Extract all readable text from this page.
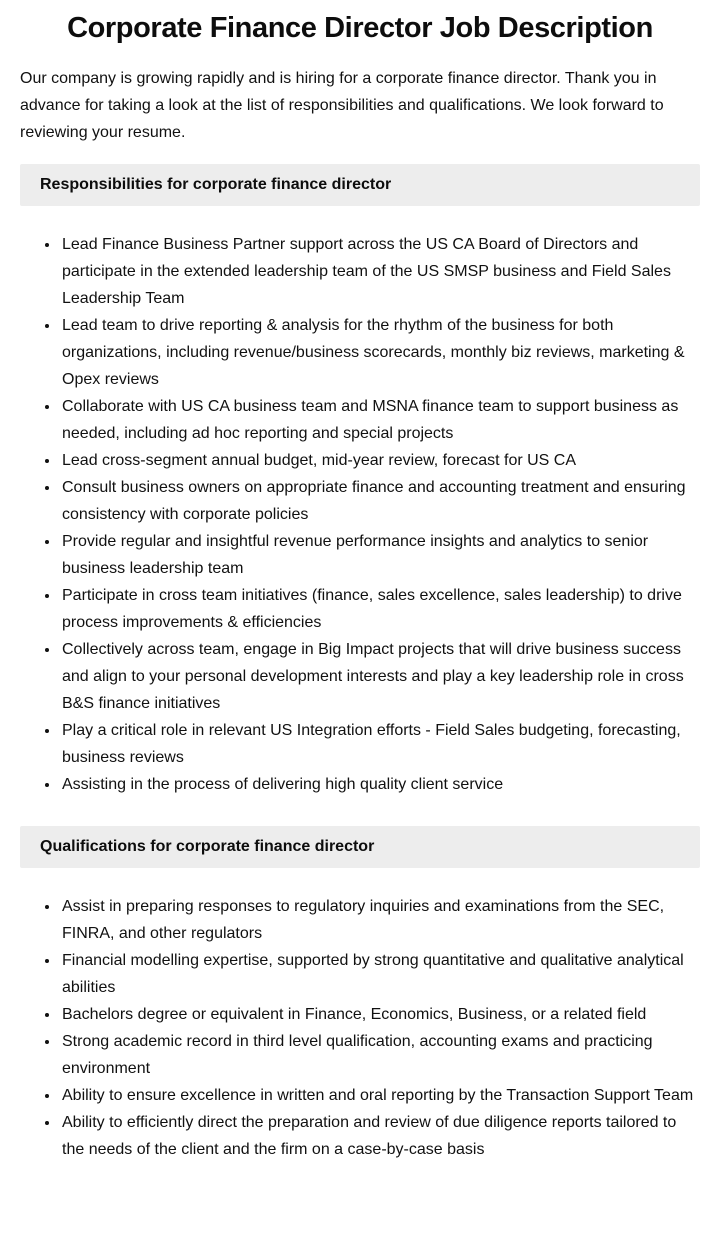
Corporate Finance Director Job Description

Our company is growing rapidly and is hiring for a corporate finance director. Thank you in advance for taking a look at the list of responsibilities and qualifications. We look forward to reviewing your resume.

Responsibilities for corporate finance director
• Lead Finance Business Partner support across the US CA Board of Directors and participate in the extended leadership team of the US SMSP business and Field Sales Leadership Team
• Lead team to drive reporting & analysis for the rhythm of the business for both organizations, including revenue/business scorecards, monthly biz reviews, marketing & Opex reviews
• Collaborate with US CA business team and MSNA finance team to support business as needed, including ad hoc reporting and special projects
• Lead cross-segment annual budget, mid-year review, forecast for US CA
• Consult business owners on appropriate finance and accounting treatment and ensuring consistency with corporate policies
• Provide regular and insightful revenue performance insights and analytics to senior business leadership team
• Participate in cross team initiatives (finance, sales excellence, sales leadership) to drive process improvements & efficiencies
• Collectively across team, engage in Big Impact projects that will drive business success and align to your personal development interests and play a key leadership role in cross B&S finance initiatives
• Play a critical role in relevant US Integration efforts - Field Sales budgeting, forecasting, business reviews
• Assisting in the process of delivering high quality client service
Qualifications for corporate finance director
• Assist in preparing responses to regulatory inquiries and examinations from the SEC, FINRA, and other regulators
• Financial modelling expertise, supported by strong quantitative and qualitative analytical abilities
• Bachelors degree or equivalent in Finance, Economics, Business, or a related field
• Strong academic record in third level qualification, accounting exams and practicing environment
• Ability to ensure excellence in written and oral reporting by the Transaction Support Team
• Ability to efficiently direct the preparation and review of due diligence reports tailored to the needs of the client and the firm on a case-by-case basis
